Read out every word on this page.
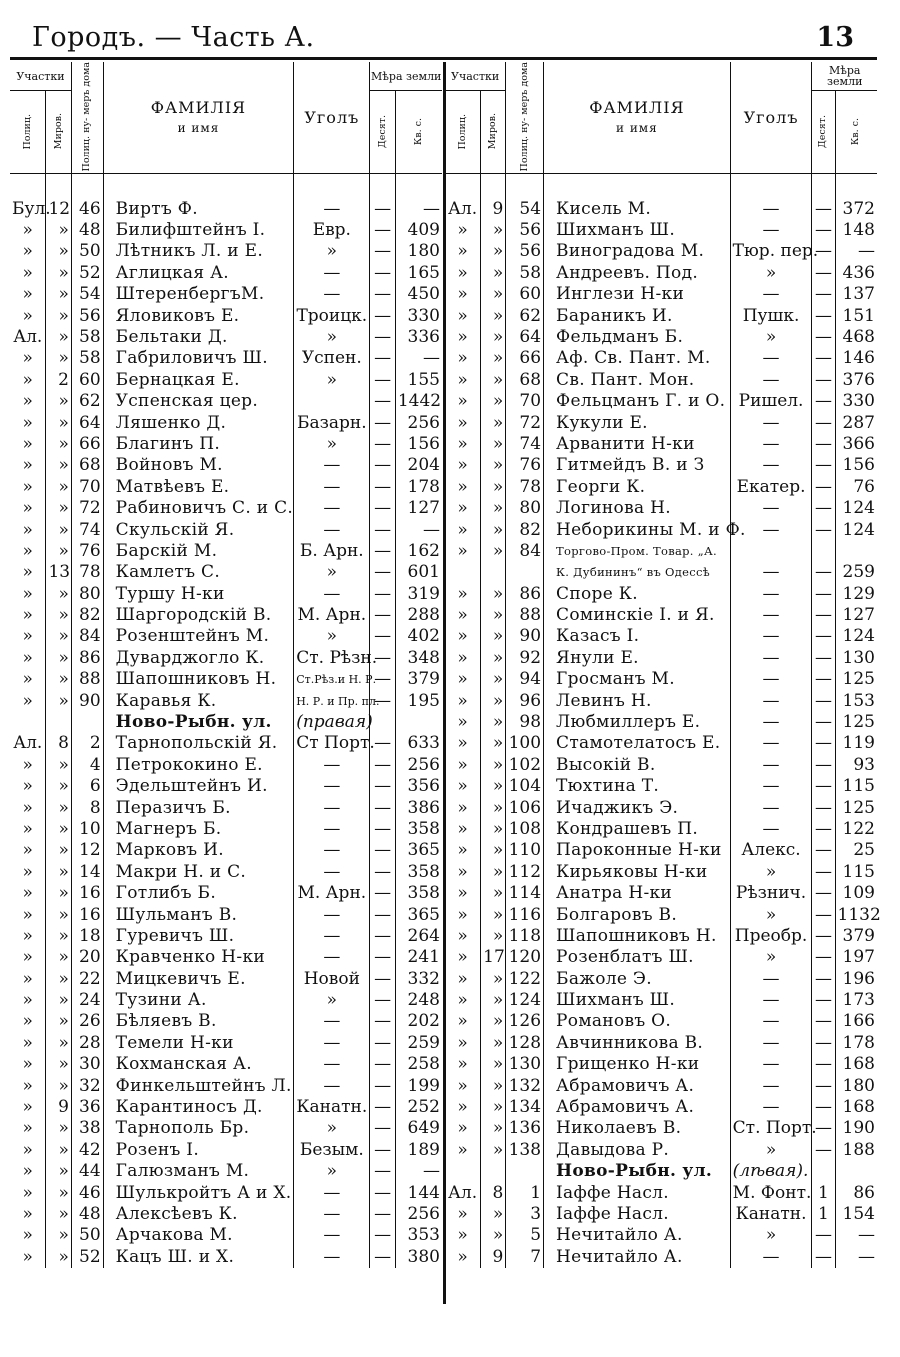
Городъ. — Часть А.	13
Участки		Полиц. ну- меръ дома	ФАМИЛІЯ
и имя	Уголъ	Мѣра земли	
Полиц.	Миров.				Десят.	Кв. с.

Бул.	12	46	Виртъ Ф.	—	—	—
»	»	48	Билифштейнъ І.	Евр.	—	409
»	»	50	Лѣтникъ Л. и Е.	»	—	180
»	»	52	Аглицкая А.	—	—	165
»	»	54	ШтеренбергъМ.	—	—	450
»	»	56	Яловиковъ Е.	Троицк.	—	330
Ал.	»	58	Бельтаки Д.	»	—	336
»	»	58	Габриловичъ Ш.	Успен.	—	—
»	2	60	Бернацкая Е.	»	—	155
»	»	62	Успенская цер.		—	1442
»	»	64	Ляшенко Д.	Базарн.	—	256
»	»	66	Благинъ П.	»	—	156
»	»	68	Войновъ М.	—	—	204
»	»	70	Матвѣевъ Е.	—	—	178
»	»	72	Рабиновичъ С. и С.	—	—	127
»	»	74	Скульскій Я.	—	—	—
»	»	76	Барскій М.	Б. Арн.	—	162
»	13	78	Камлетъ С.	»	—	601
»	»	80	Туршу Н-ки	—	—	319
»	»	82	Шаргородскій В.	М. Арн.	—	288
»	»	84	Розенштейнъ М.	»	—	402
»	»	86	Дуварджогло К.	Ст. Рѣзн.	—	348
»	»	88	Шапошниковъ Н.	Ст.Рѣз.и Н. Р.	—	379
»	»	90	Каравья К.	Н. Р. и Пр. пл.	—	195
			Ново-Рыбн. ул.	(правая)		
Ал.	8	2	Тарнопольскій Я.	Ст Порт.	—	633
»	»	4	Петрококино Е.	—	—	256
»	»	6	Эдельштейнъ И.	—	—	356
»	»	8	Перазичъ Б.	—	—	386
»	»	10	Магнеръ Б.	—	—	358
»	»	12	Марковъ И.	—	—	365
»	»	14	Макри Н. и С.	—	—	358
»	»	16	Готлибъ Б.	М. Арн.	—	358
»	»	16	Шульманъ В.	—	—	365
»	»	18	Гуревичъ Ш.	—	—	264
»	»	20	Кравченко Н-ки	—	—	241
»	»	22	Мицкевичъ Е.	Новой	—	332
»	»	24	Тузини А.	»	—	248
»	»	26	Бѣляевъ В.	—	—	202
»	»	28	Темели Н-ки	—	—	259
»	»	30	Кохманская А.	—	—	258
»	»	32	Финкельштейнъ Л.	—	—	199
»	9	36	Карантиносъ Д.	Канатн.	—	252
»	»	38	Тарнополь Бр.	»	—	649
»	»	42	Розенъ І.	Безым.	—	189
»	»	44	Галюзманъ М.	»	—	—
»	»	46	Шулькройтъ А и Х.	—	—	144
»	»	48	Алексѣевъ К.	—	—	256
»	»	50	Арчакова М.	—	—	353
»	»	52	Кацъ Ш. и Х.	—	—	380
Участки		Полиц. ну- меръ дома	ФАМИЛІЯ
и имя	Уголъ	Мѣра земли	
Полиц.	Миров.				Десят.	Кв. с.

Ал.	9	54	Кисель М.	—	—	372
»	»	56	Шихманъ Ш.	—	—	148
»	»	56	Виноградова М.	Тюр. пер.	—	—
»	»	58	Андреевъ. Под.	»	—	436
»	»	60	Инглези Н-ки	—	—	137
»	»	62	Бараникъ И.	Пушк.	—	151
»	»	64	Фельдманъ Б.	»	—	468
»	»	66	Аф. Св. Пант. М.	—	—	146
»	»	68	Св. Пант. Мон.	—	—	376
»	»	70	Фельцманъ Г. и О.	Ришел.	—	330
»	»	72	Кукули Е.	—	—	287
»	»	74	Арванити Н-ки	—	—	366
»	»	76	Гитмейдъ В. и З	—	—	156
»	»	78	Георги К.	Екатер.	—	76
»	»	80	Логинова Н.	—	—	124
»	»	82	Неборикины М. и Ф.	—	—	124
»	»	84	Торгово-Пром. Товар. „А.			
			К. Дубининъ“ въ Одессѣ	—	—	259
»	»	86	Споре К.	—	—	129
»	»	88	Соминскіе І. и Я.	—	—	127
»	»	90	Казасъ І.	—	—	124
»	»	92	Янули Е.	—	—	130
»	»	94	Гросманъ М.	—	—	125
»	»	96	Левинъ Н.	—	—	153
»	»	98	Любмиллеръ Е.	—	—	125
»	»	100	Стамотелатосъ Е.	—	—	119
»	»	102	Высокій В.	—	—	93
»	»	104	Тюхтина Т.	—	—	115
»	»	106	Ичаджикъ Э.	—	—	125
»	»	108	Кондрашевъ П.	—	—	122
»	»	110	Пароконные Н-ки	Алекс.	—	25
»	»	112	Кирьяковы Н-ки	»	—	115
»	»	114	Анатра Н-ки	Рѣзнич.	—	109
»	»	116	Болгаровъ В.	»	—	1132
»	»	118	Шапошниковъ Н.	Преобр.	—	379
»	17	120	Розенблатъ Ш.	»	—	197
»	»	122	Бажоле Э.	—	—	196
»	»	124	Шихманъ Ш.	—	—	173
»	»	126	Романовъ О.	—	—	166
»	»	128	Авчинникова В.	—	—	178
»	»	130	Грищенко Н-ки	—	—	168
»	»	132	Абрамовичъ А.	—	—	180
»	»	134	Абрамовичъ А.	—	—	168
»	»	136	Николаевъ В.	Ст. Порт.	—	190
»	»	138	Давыдова Р.	»	—	188
			Ново-Рыбн. ул.	(лѣвая).		
Ал.	8	1	Іаффе Насл.	М. Фонт.	1	86
»	»	3	Іаффе Насл.	Канатн.	1	154
»	»	5	Нечитайло А.	»	—	—
»	9	7	Нечитайло А.	—	—	—
